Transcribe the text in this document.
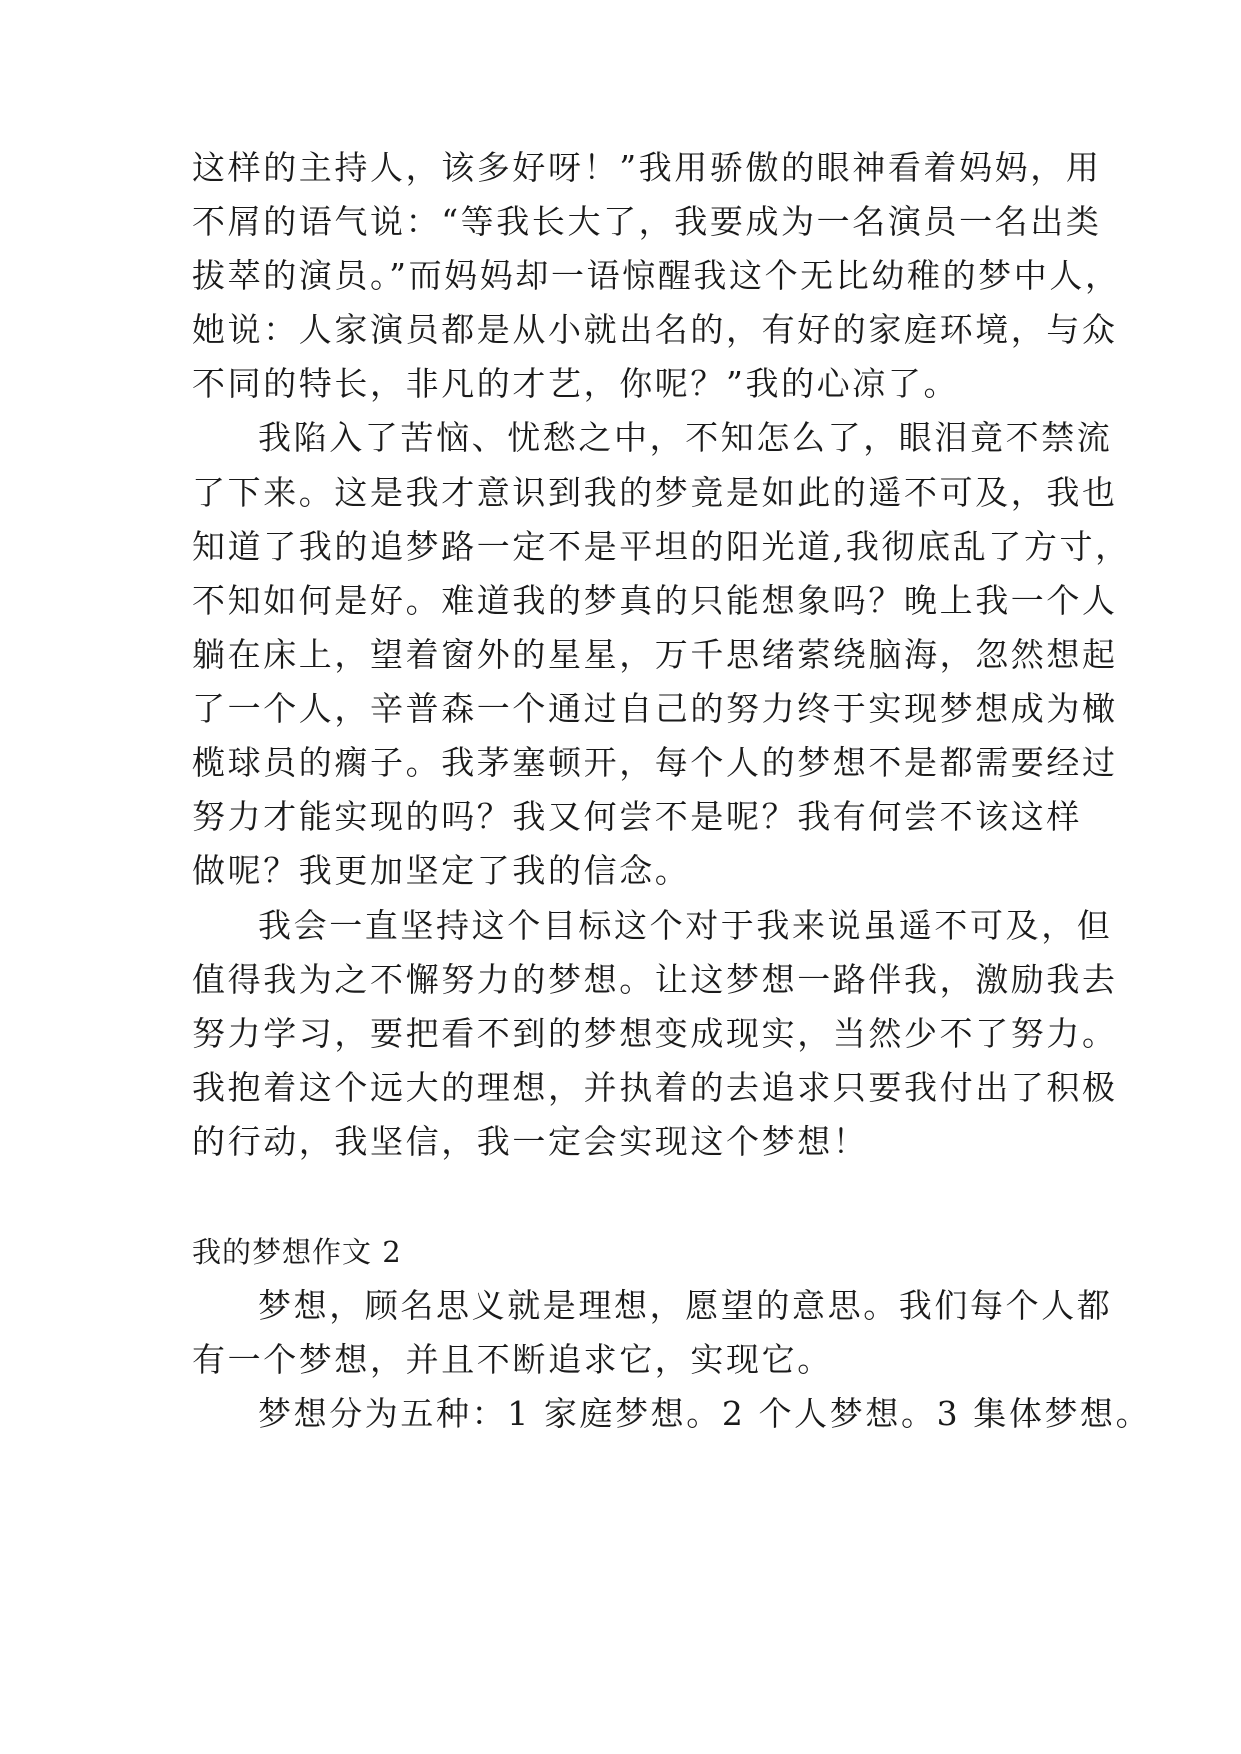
这样的主持人，该多好呀！”我用骄傲的眼神看着妈妈，用
不屑的语气说：“等我长大了，我要成为一名演员一名出类
拔萃的演员。”而妈妈却一语惊醒我这个无比幼稚的梦中人，
她说：人家演员都是从小就出名的，有好的家庭环境，与众
不同的特长，非凡的才艺，你呢？”我的心凉了。
我陷入了苦恼、忧愁之中，不知怎么了，眼泪竟不禁流
了下来。这是我才意识到我的梦竟是如此的遥不可及，我也
知道了我的追梦路一定不是平坦的阳光道,我彻底乱了方寸，
不知如何是好。难道我的梦真的只能想象吗？晚上我一个人
躺在床上，望着窗外的星星，万千思绪萦绕脑海，忽然想起
了一个人，辛普森一个通过自己的努力终于实现梦想成为橄
榄球员的瘸子。我茅塞顿开，每个人的梦想不是都需要经过
努力才能实现的吗？我又何尝不是呢？我有何尝不该这样
做呢？我更加坚定了我的信念。
我会一直坚持这个目标这个对于我来说虽遥不可及，但
值得我为之不懈努力的梦想。让这梦想一路伴我，激励我去
努力学习，要把看不到的梦想变成现实，当然少不了努力。
我抱着这个远大的理想，并执着的去追求只要我付出了积极
的行动，我坚信，我一定会实现这个梦想！
我的梦想作文 2
梦想，顾名思义就是理想，愿望的意思。我们每个人都
有一个梦想，并且不断追求它，实现它。
梦想分为五种：1 家庭梦想。2 个人梦想。3 集体梦想。
